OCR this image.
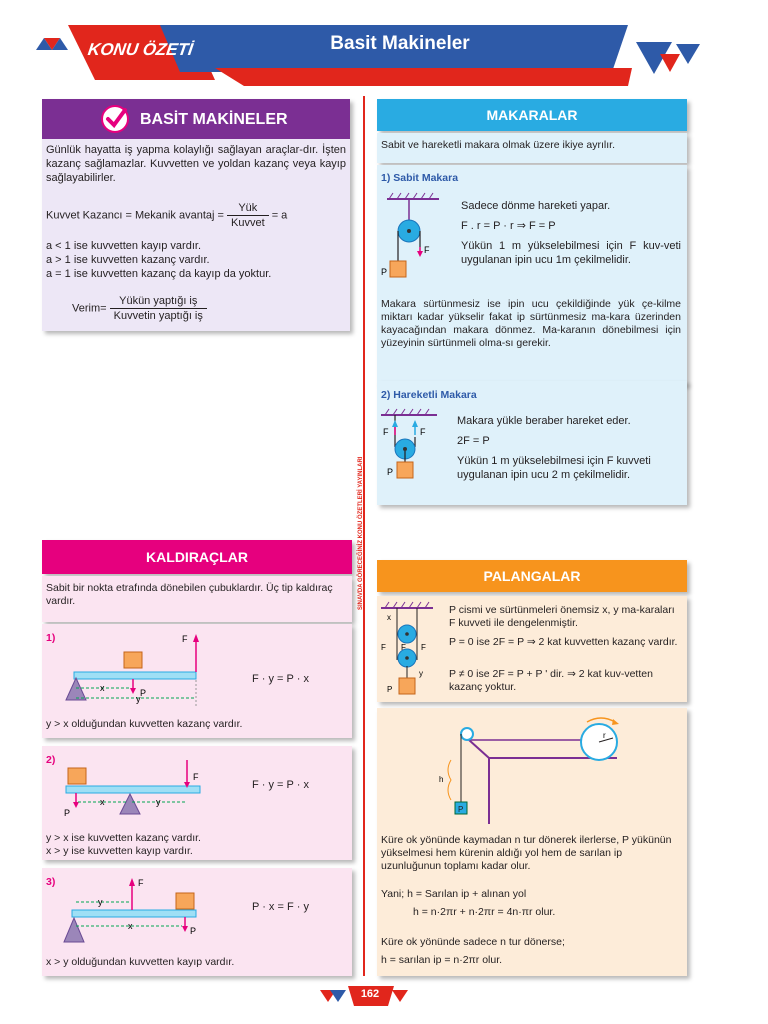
KONU ÖZETİ	Basit Makineler
SINAVDA GÖRECEĞİNİZ KONU ÖZETLERİ YAYINLARI
BASİT MAKİNELER
Günlük hayatta iş yapma kolaylığı sağlayan araçlar-dır. İşten kazanç sağlamazlar. Kuvvetten ve yoldan kazanç veya kayıp sağlayabilirler.
Kuvvet Kazancı = Mekanik avantaj = $\frac{\text{Yük}}{\text{Kuvvet}} = a$
a < 1 ise kuvvetten kayıp vardır.
a > 1 ise kuvvetten kazanç vardır.
a = 1 ise kuvvetten kazanç da kayıp da yoktur.
Verim= $\frac{\text{Yükün yaptığı iş}}{\text{Kuvvetin yaptığı iş}}$
MAKARALAR
Sabit ve hareketli makara olmak üzere ikiye ayrılır.
1) Sabit Makara
F
P
Sadece dönme hareketi yapar.
F . r = P · r ⇒ F = P
Yükün 1 m yükselebilmesi için F kuv-veti uygulanan ipin ucu 1m çekilmelidir.
Makara sürtünmesiz ise ipin ucu çekildiğinde yük çe-kilme miktarı kadar yükselir fakat ip sürtünmesiz ma-kara üzerinden kayacağından makara dönmez. Ma-karanın dönebilmesi için yüzeyinin sürtünmeli olma-sı gerekir.
2) Hareketli Makara
F	F
P
Makara yükle beraber hareket eder.
2F = P
Yükün 1 m yükselebilmesi için F kuvveti uygulanan ipin ucu 2 m çekilmelidir.
KALDIRAÇLAR
Sabit bir nokta etrafında dönebilen çubuklardır. Üç tip kaldıraç vardır.
1)
P
F
x
y
F · y = P · x
y > x olduğundan kuvvetten kazanç vardır.
2)
P
F
x	y
F · y = P · x
y > x ise kuvvetten kazanç vardır.
x > y ise kuvvetten kayıp vardır.
3)	F
P
y
x
P · x = F · y
x > y olduğundan kuvvetten kayıp vardır.
PALANGALAR
x
F F F
y
P
P cismi ve sürtünmeleri önemsiz x, y ma-karaları F kuvveti ile dengelenmiştir.
P = 0 ise 2F = P ⇒ 2 kat kuvvetten kazanç vardır.
P ≠ 0 ise 2F = P + P ' dir. ⇒ 2 kat kuv-vetten kazanç yoktur.
r
P
h
Küre ok yönünde kaymadan n tur dönerek ilerlerse, P yükünün yükselmesi hem kürenin aldığı yol hem de sarılan ip uzunluğunun toplamı kadar olur.
Yani; h = Sarılan ip + alınan yol
h = n·2πr + n·2πr = 4n·πr olur.
Küre ok yönünde sadece n tur dönerse;
h = sarılan ip = n·2πr olur.
162
